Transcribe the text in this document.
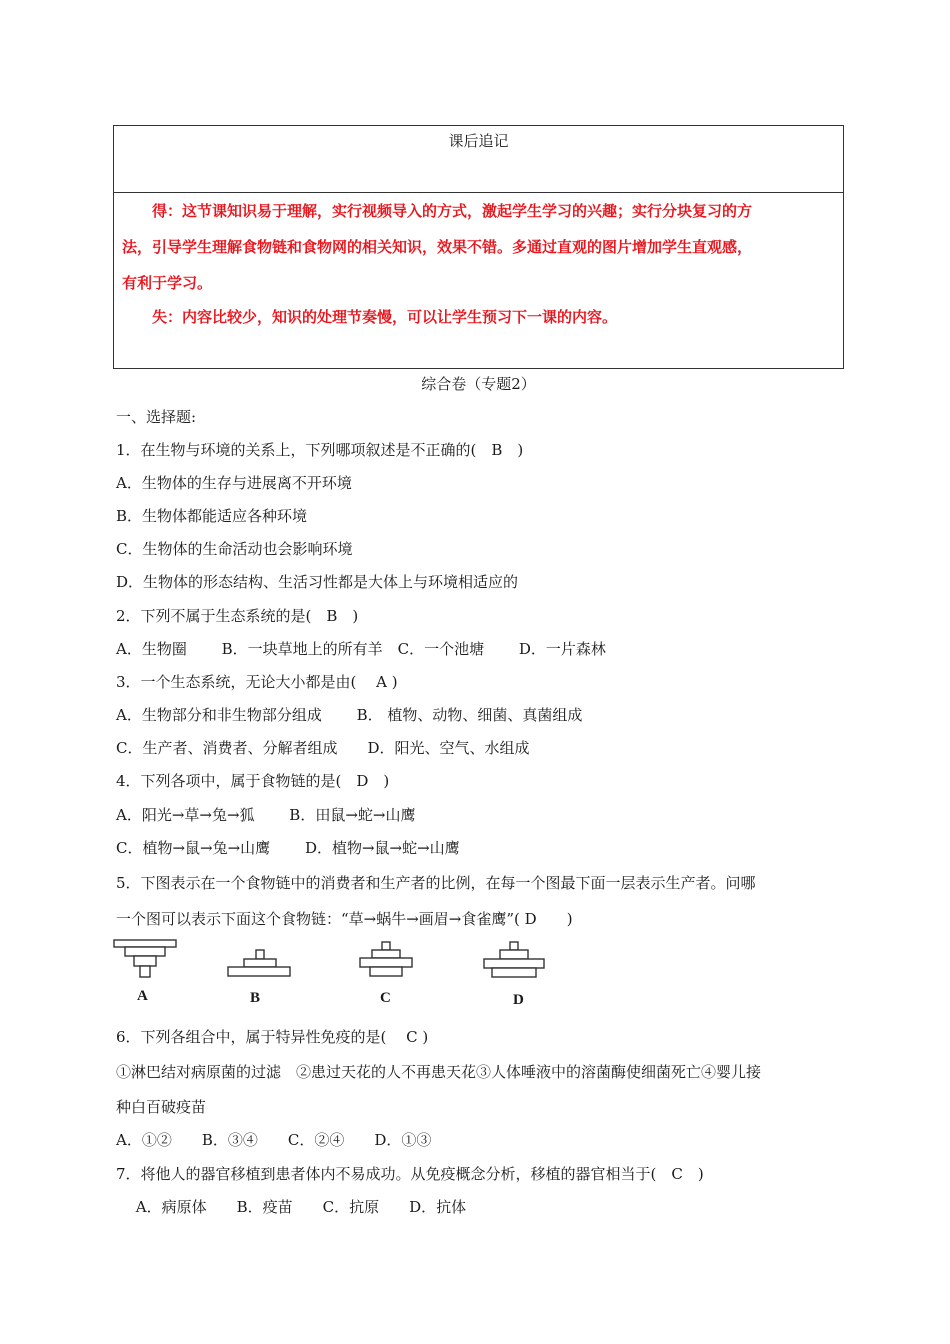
课后追记
　　得：这节课知识易于理解，实行视频导入的方式，激起学生学习的兴趣；实行分块复习的方
法，引导学生理解食物链和食物网的相关知识，效果不错。多通过直观的图片增加学生直观感，
有利于学习。
　　失：内容比较少，知识的处理节奏慢，可以让学生预习下一课的内容。
综合卷（专题2）
一、选择题:
1．在生物与环境的关系上，下列哪项叙述是不正确的(　B　)
A．生物体的生存与进展离不开环境
B．生物体都能适应各种环境
C．生物体的生命活动也会影响环境
D．生物体的形态结构、生活习性都是大体上与环境相适应的
2．下列不属于生态系统的是(　B　)
A．生物圈　　 B．一块草地上的所有羊　C．一个池塘　　 D．一片森林
3．一个生态系统，无论大小都是由(　 A )
A．生物部分和非生物部分组成　　 B． 植物、动物、细菌、真菌组成
C．生产者、消费者、分解者组成　　D．阳光、空气、水组成
4．下列各项中，属于食物链的是(　D　)
A．阳光→草→兔→狐　　 B．田鼠→蛇→山鹰
C．植物→鼠→兔→山鹰　　 D．植物→鼠→蛇→山鹰
5．下图表示在一个食物链中的消费者和生产者的比例，在每一个图最下面一层表示生产者。问哪
一个图可以表示下面这个食物链：“草→蜗牛→画眉→食雀鹰”( D　　)
A	B	C	D
6．下列各组合中，属于特异性免疫的是(　 C )
①淋巴结对病原菌的过滤　②患过天花的人不再患天花③人体唾液中的溶菌酶使细菌死亡④婴儿接
种白百破疫苗
A．①②　　B．③④　　C．②④　　D．①③
7．将他人的器官移植到患者体内不易成功。从免疫概念分析，移植的器官相当于(　C　)
　 A．病原体　　B．疫苗　　C．抗原　　D．抗体
